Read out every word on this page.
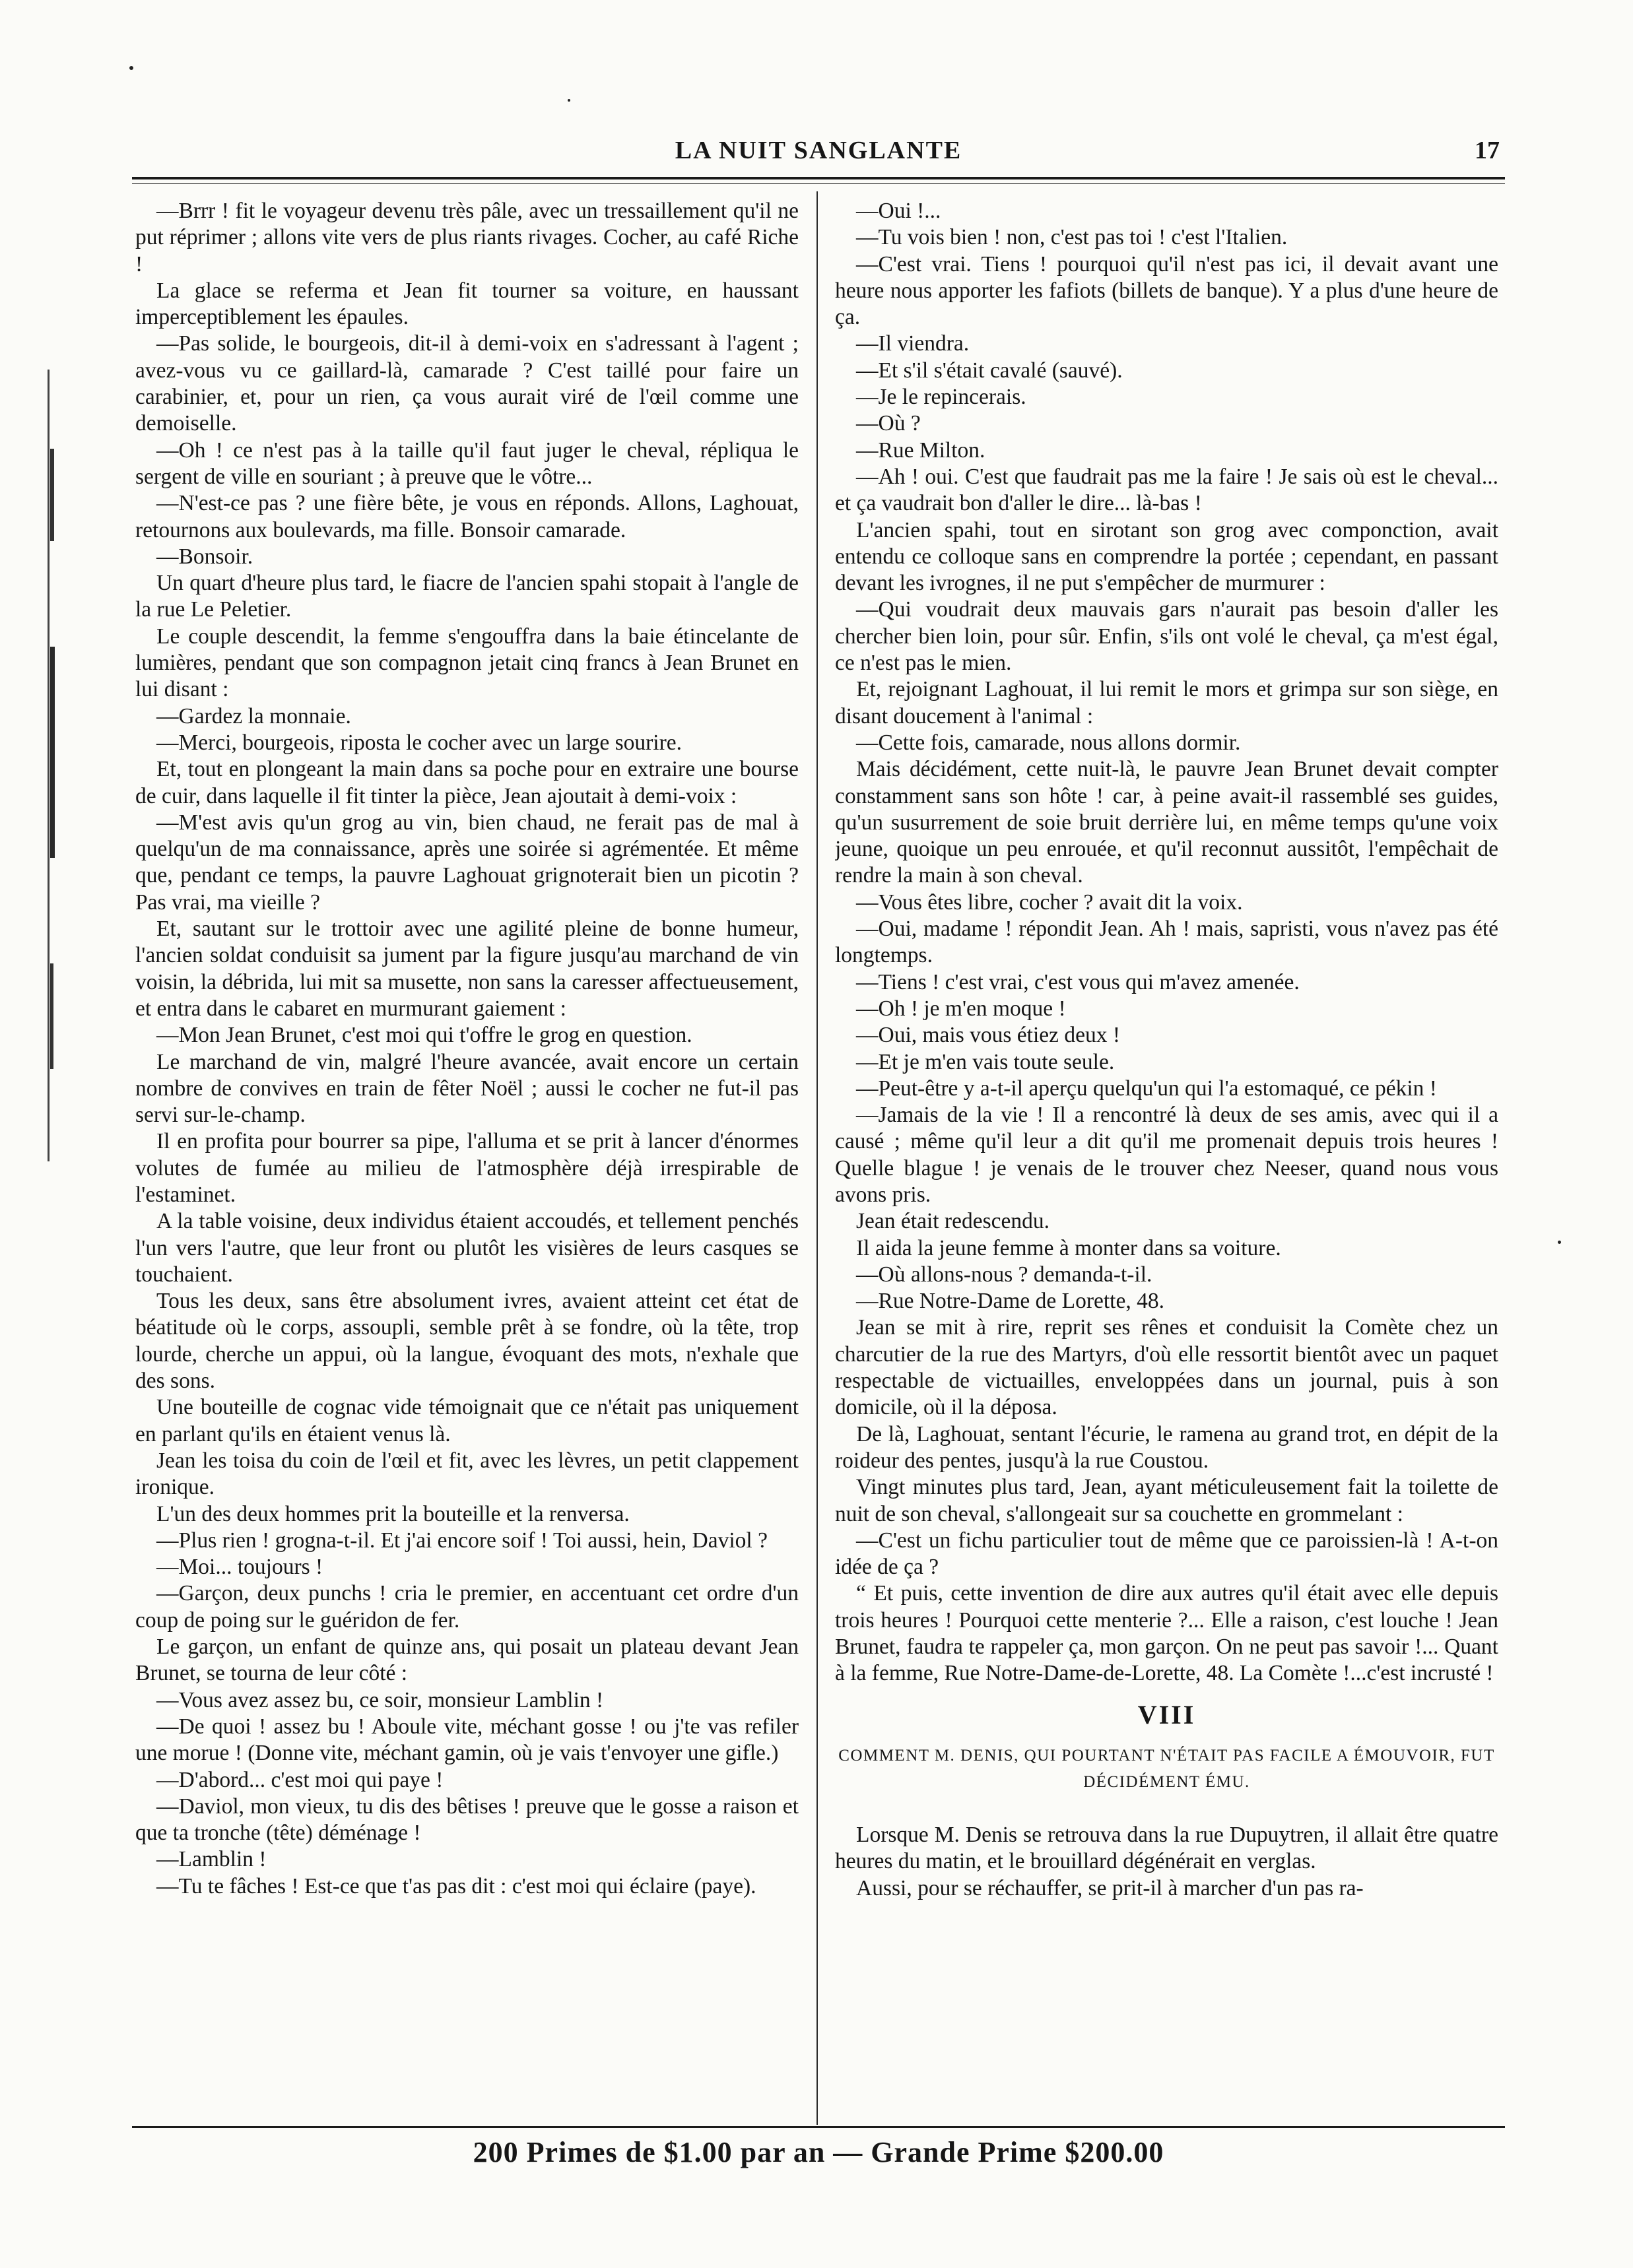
LA NUIT SANGLANTE	17

—Brrr ! fit le voyageur devenu très pâle, avec un tressaillement qu'il ne put réprimer ; allons vite vers de plus riants rivages. Cocher, au café Riche !

La glace se referma et Jean fit tourner sa voiture, en haussant imperceptiblement les épaules.

—Pas solide, le bourgeois, dit-il à demi-voix en s'adressant à l'agent ; avez-vous vu ce gaillard-là, camarade ? C'est taillé pour faire un carabinier, et, pour un rien, ça vous aurait viré de l'œil comme une demoiselle.

—Oh ! ce n'est pas à la taille qu'il faut juger le cheval, répliqua le sergent de ville en souriant ; à preuve que le vôtre...

—N'est-ce pas ? une fière bête, je vous en réponds. Allons, Laghouat, retournons aux boulevards, ma fille. Bonsoir camarade.

—Bonsoir.

Un quart d'heure plus tard, le fiacre de l'ancien spahi stopait à l'angle de la rue Le Peletier.

Le couple descendit, la femme s'engouffra dans la baie étincelante de lumières, pendant que son compagnon jetait cinq francs à Jean Brunet en lui disant :

—Gardez la monnaie.

—Merci, bourgeois, riposta le cocher avec un large sourire.

Et, tout en plongeant la main dans sa poche pour en extraire une bourse de cuir, dans laquelle il fit tinter la pièce, Jean ajoutait à demi-voix :

—M'est avis qu'un grog au vin, bien chaud, ne ferait pas de mal à quelqu'un de ma connaissance, après une soirée si agrémentée. Et même que, pendant ce temps, la pauvre Laghouat grignoterait bien un picotin ? Pas vrai, ma vieille ?

Et, sautant sur le trottoir avec une agilité pleine de bonne humeur, l'ancien soldat conduisit sa jument par la figure jusqu'au marchand de vin voisin, la débrida, lui mit sa musette, non sans la caresser affectueusement, et entra dans le cabaret en murmurant gaiement :

—Mon Jean Brunet, c'est moi qui t'offre le grog en question.

Le marchand de vin, malgré l'heure avancée, avait encore un certain nombre de convives en train de fêter Noël ; aussi le cocher ne fut-il pas servi sur-le-champ.

Il en profita pour bourrer sa pipe, l'alluma et se prit à lancer d'énormes volutes de fumée au milieu de l'atmosphère déjà irrespirable de l'estaminet.

A la table voisine, deux individus étaient accoudés, et tellement penchés l'un vers l'autre, que leur front ou plutôt les visières de leurs casques se touchaient.

Tous les deux, sans être absolument ivres, avaient atteint cet état de béatitude où le corps, assoupli, semble prêt à se fondre, où la tête, trop lourde, cherche un appui, où la langue, évoquant des mots, n'exhale que des sons.

Une bouteille de cognac vide témoignait que ce n'était pas uniquement en parlant qu'ils en étaient venus là.

Jean les toisa du coin de l'œil et fit, avec les lèvres, un petit clappement ironique.

L'un des deux hommes prit la bouteille et la renversa.

—Plus rien ! grogna-t-il. Et j'ai encore soif ! Toi aussi, hein, Daviol ?

—Moi... toujours !

—Garçon, deux punchs ! cria le premier, en accentuant cet ordre d'un coup de poing sur le guéridon de fer.

Le garçon, un enfant de quinze ans, qui posait un plateau devant Jean Brunet, se tourna de leur côté :

—Vous avez assez bu, ce soir, monsieur Lamblin !

—De quoi ! assez bu ! Aboule vite, méchant gosse ! ou j'te vas refiler une morue ! (Donne vite, méchant gamin, où je vais t'envoyer une gifle.)

—D'abord... c'est moi qui paye !

—Daviol, mon vieux, tu dis des bêtises ! preuve que le gosse a raison et que ta tronche (tête) déménage !

—Lamblin !

—Tu te fâches ! Est-ce que t'as pas dit : c'est moi qui éclaire (paye).

—Oui !...

—Tu vois bien ! non, c'est pas toi ! c'est l'Italien.

—C'est vrai. Tiens ! pourquoi qu'il n'est pas ici, il devait avant une heure nous apporter les fafiots (billets de banque). Y a plus d'une heure de ça.

—Il viendra.

—Et s'il s'était cavalé (sauvé).

—Je le repincerais.

—Où ?

—Rue Milton.

—Ah ! oui. C'est que faudrait pas me la faire ! Je sais où est le cheval... et ça vaudrait bon d'aller le dire... là-bas !

L'ancien spahi, tout en sirotant son grog avec componction, avait entendu ce colloque sans en comprendre la portée ; cependant, en passant devant les ivrognes, il ne put s'empêcher de murmurer :

—Qui voudrait deux mauvais gars n'aurait pas besoin d'aller les chercher bien loin, pour sûr. Enfin, s'ils ont volé le cheval, ça m'est égal, ce n'est pas le mien.

Et, rejoignant Laghouat, il lui remit le mors et grimpa sur son siège, en disant doucement à l'animal :

—Cette fois, camarade, nous allons dormir.

Mais décidément, cette nuit-là, le pauvre Jean Brunet devait compter constamment sans son hôte ! car, à peine avait-il rassemblé ses guides, qu'un susurrement de soie bruit derrière lui, en même temps qu'une voix jeune, quoique un peu enrouée, et qu'il reconnut aussitôt, l'empêchait de rendre la main à son cheval.

—Vous êtes libre, cocher ? avait dit la voix.

—Oui, madame ! répondit Jean. Ah ! mais, sapristi, vous n'avez pas été longtemps.

—Tiens ! c'est vrai, c'est vous qui m'avez amenée.

—Oh ! je m'en moque !

—Oui, mais vous étiez deux !

—Et je m'en vais toute seule.

—Peut-être y a-t-il aperçu quelqu'un qui l'a estomaqué, ce pékin !

—Jamais de la vie ! Il a rencontré là deux de ses amis, avec qui il a causé ; même qu'il leur a dit qu'il me promenait depuis trois heures ! Quelle blague ! je venais de le trouver chez Neeser, quand nous vous avons pris.

Jean était redescendu.

Il aida la jeune femme à monter dans sa voiture.

—Où allons-nous ? demanda-t-il.

—Rue Notre-Dame de Lorette, 48.

Jean se mit à rire, reprit ses rênes et conduisit la Comète chez un charcutier de la rue des Martyrs, d'où elle ressortit bientôt avec un paquet respectable de victuailles, enveloppées dans un journal, puis à son domicile, où il la déposa.

De là, Laghouat, sentant l'écurie, le ramena au grand trot, en dépit de la roideur des pentes, jusqu'à la rue Coustou.

Vingt minutes plus tard, Jean, ayant méticuleusement fait la toilette de nuit de son cheval, s'allongeait sur sa couchette en grommelant :

—C'est un fichu particulier tout de même que ce paroissien-là ! A-t-on idée de ça ?

“ Et puis, cette invention de dire aux autres qu'il était avec elle depuis trois heures ! Pourquoi cette menterie ?... Elle a raison, c'est louche ! Jean Brunet, faudra te rappeler ça, mon garçon. On ne peut pas savoir !... Quant à la femme, Rue Notre-Dame-de-Lorette, 48. La Comète !...c'est incrusté !

VIII

COMMENT M. DENIS, QUI POURTANT N'ÉTAIT PAS FACILE A ÉMOUVOIR, FUT DÉCIDÉMENT ÉMU.

Lorsque M. Denis se retrouva dans la rue Dupuytren, il allait être quatre heures du matin, et le brouillard dégénérait en verglas.

Aussi, pour se réchauffer, se prit-il à marcher d'un pas ra-

200 Primes de $1.00 par an — Grande Prime $200.00
